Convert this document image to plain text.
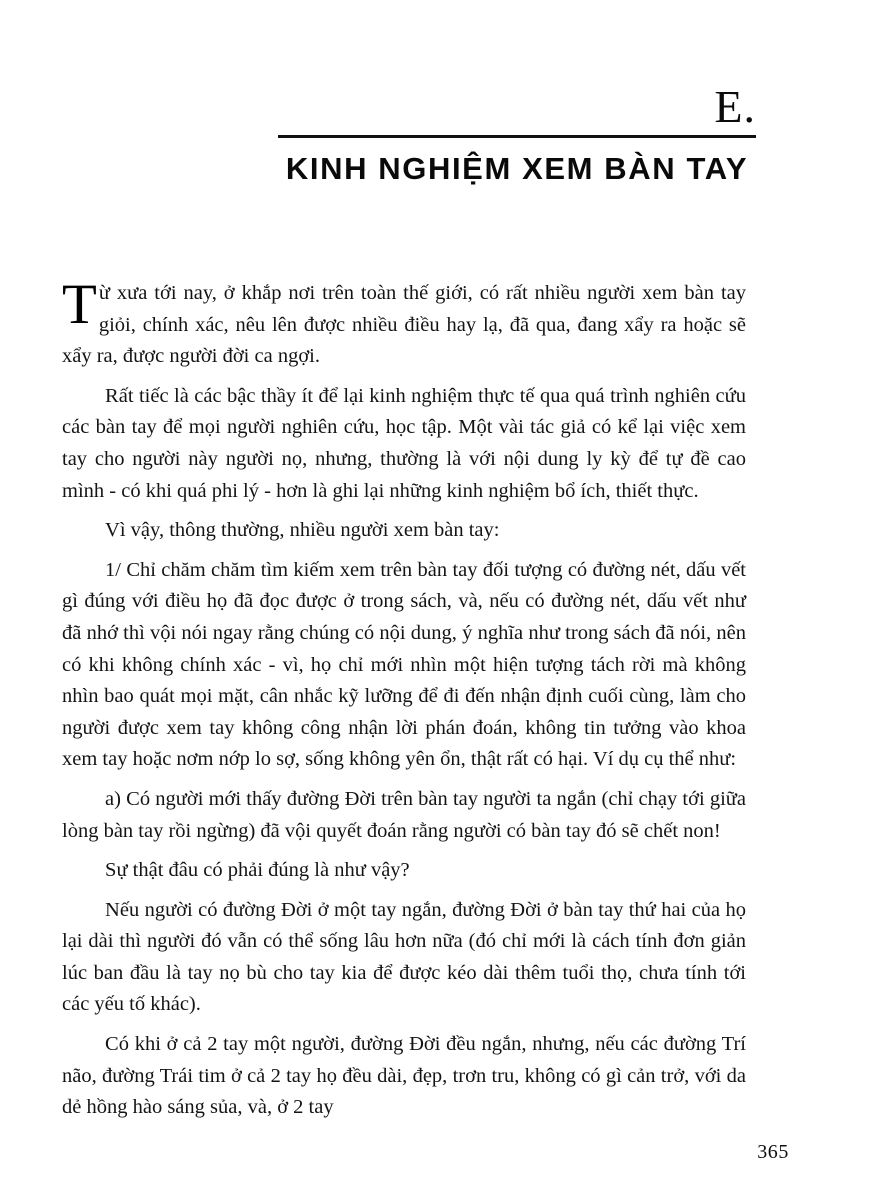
E.
KINH NGHIỆM XEM BÀN TAY

Từ xưa tới nay, ở khắp nơi trên toàn thế giới, có rất nhiều người xem bàn tay giỏi, chính xác, nêu lên được nhiều điều hay lạ, đã qua, đang xẩy ra hoặc sẽ xẩy ra, được người đời ca ngợi.

Rất tiếc là các bậc thầy ít để lại kinh nghiệm thực tế qua quá trình nghiên cứu các bàn tay để mọi người nghiên cứu, học tập. Một vài tác giả có kể lại việc xem tay cho người này người nọ, nhưng, thường là với nội dung ly kỳ để tự đề cao mình - có khi quá phi lý - hơn là ghi lại những kinh nghiệm bổ ích, thiết thực.

Vì vậy, thông thường, nhiều người xem bàn tay:

1/ Chỉ chăm chăm tìm kiếm xem trên bàn tay đối tượng có đường nét, dấu vết gì đúng với điều họ đã đọc được ở trong sách, và, nếu có đường nét, dấu vết như đã nhớ thì vội nói ngay rằng chúng có nội dung, ý nghĩa như trong sách đã nói, nên có khi không chính xác - vì, họ chỉ mới nhìn một hiện tượng tách rời mà không nhìn bao quát mọi mặt, cân nhắc kỹ lưỡng để đi đến nhận định cuối cùng, làm cho người được xem tay không công nhận lời phán đoán, không tin tưởng vào khoa xem tay hoặc nơm nớp lo sợ, sống không yên ổn, thật rất có hại. Ví dụ cụ thể như:

a) Có người mới thấy đường Đời trên bàn tay người ta ngắn (chỉ chạy tới giữa lòng bàn tay rồi ngừng) đã vội quyết đoán rằng người có bàn tay đó sẽ chết non!

Sự thật đâu có phải đúng là như vậy?

Nếu người có đường Đời ở một tay ngắn, đường Đời ở bàn tay thứ hai của họ lại dài thì người đó vẫn có thể sống lâu hơn nữa (đó chỉ mới là cách tính đơn giản lúc ban đầu là tay nọ bù cho tay kia để được kéo dài thêm tuổi thọ, chưa tính tới các yếu tố khác).

Có khi ở cả 2 tay một người, đường Đời đều ngắn, nhưng, nếu các đường Trí não, đường Trái tim ở cả 2 tay họ đều dài, đẹp, trơn tru, không có gì cản trở, với da dẻ hồng hào sáng sủa, và, ở 2 tay

365
